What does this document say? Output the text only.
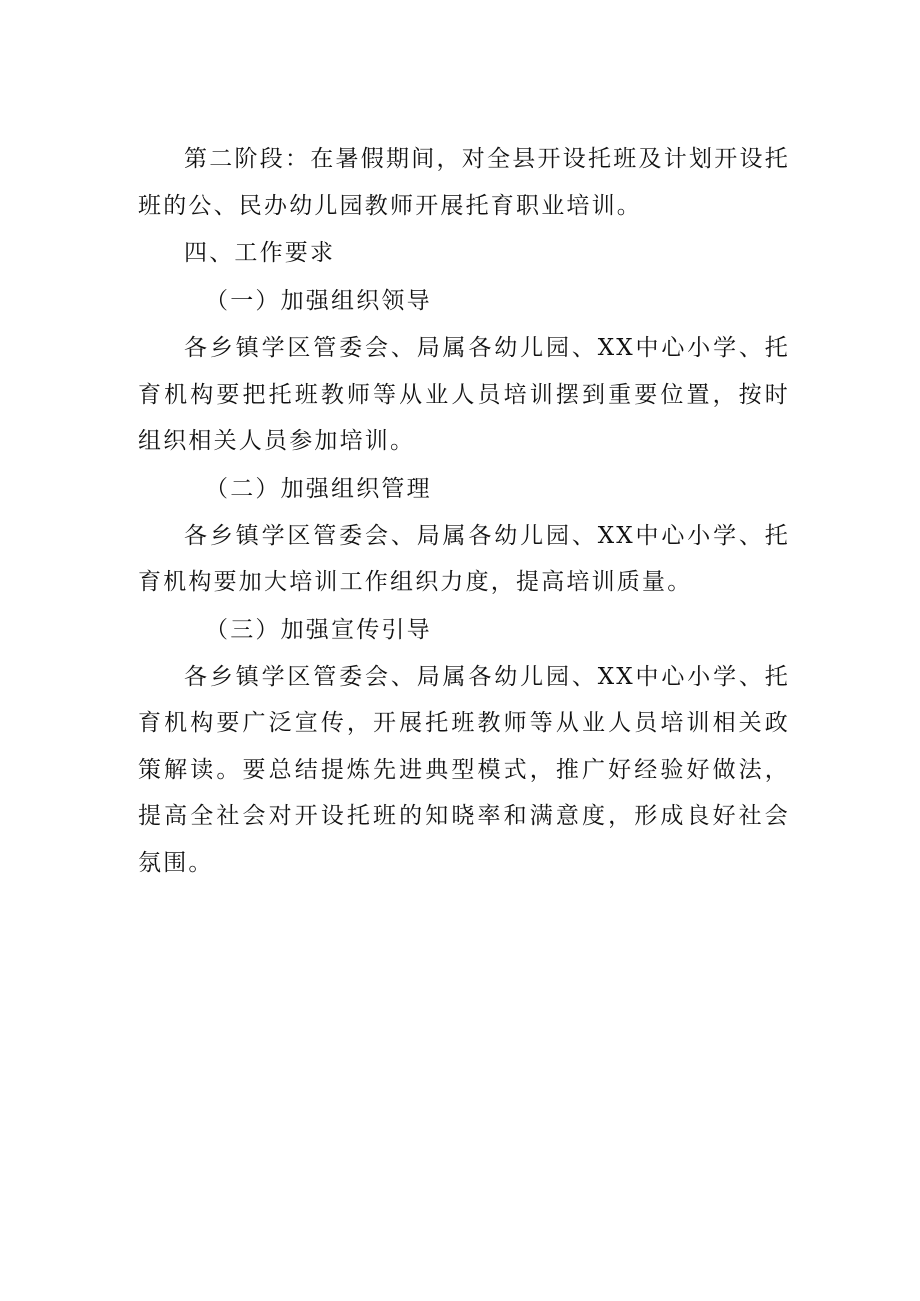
第二阶段：在暑假期间，对全县开设托班及计划开设托班的公、民办幼儿园教师开展托育职业培训。

四、工作要求

（一）加强组织领导

各乡镇学区管委会、局属各幼儿园、XX中心小学、托育机构要把托班教师等从业人员培训摆到重要位置，按时组织相关人员参加培训。

（二）加强组织管理

各乡镇学区管委会、局属各幼儿园、XX中心小学、托育机构要加大培训工作组织力度，提高培训质量。

（三）加强宣传引导

各乡镇学区管委会、局属各幼儿园、XX中心小学、托育机构要广泛宣传，开展托班教师等从业人员培训相关政策解读。要总结提炼先进典型模式，推广好经验好做法，提高全社会对开设托班的知晓率和满意度，形成良好社会氛围。
